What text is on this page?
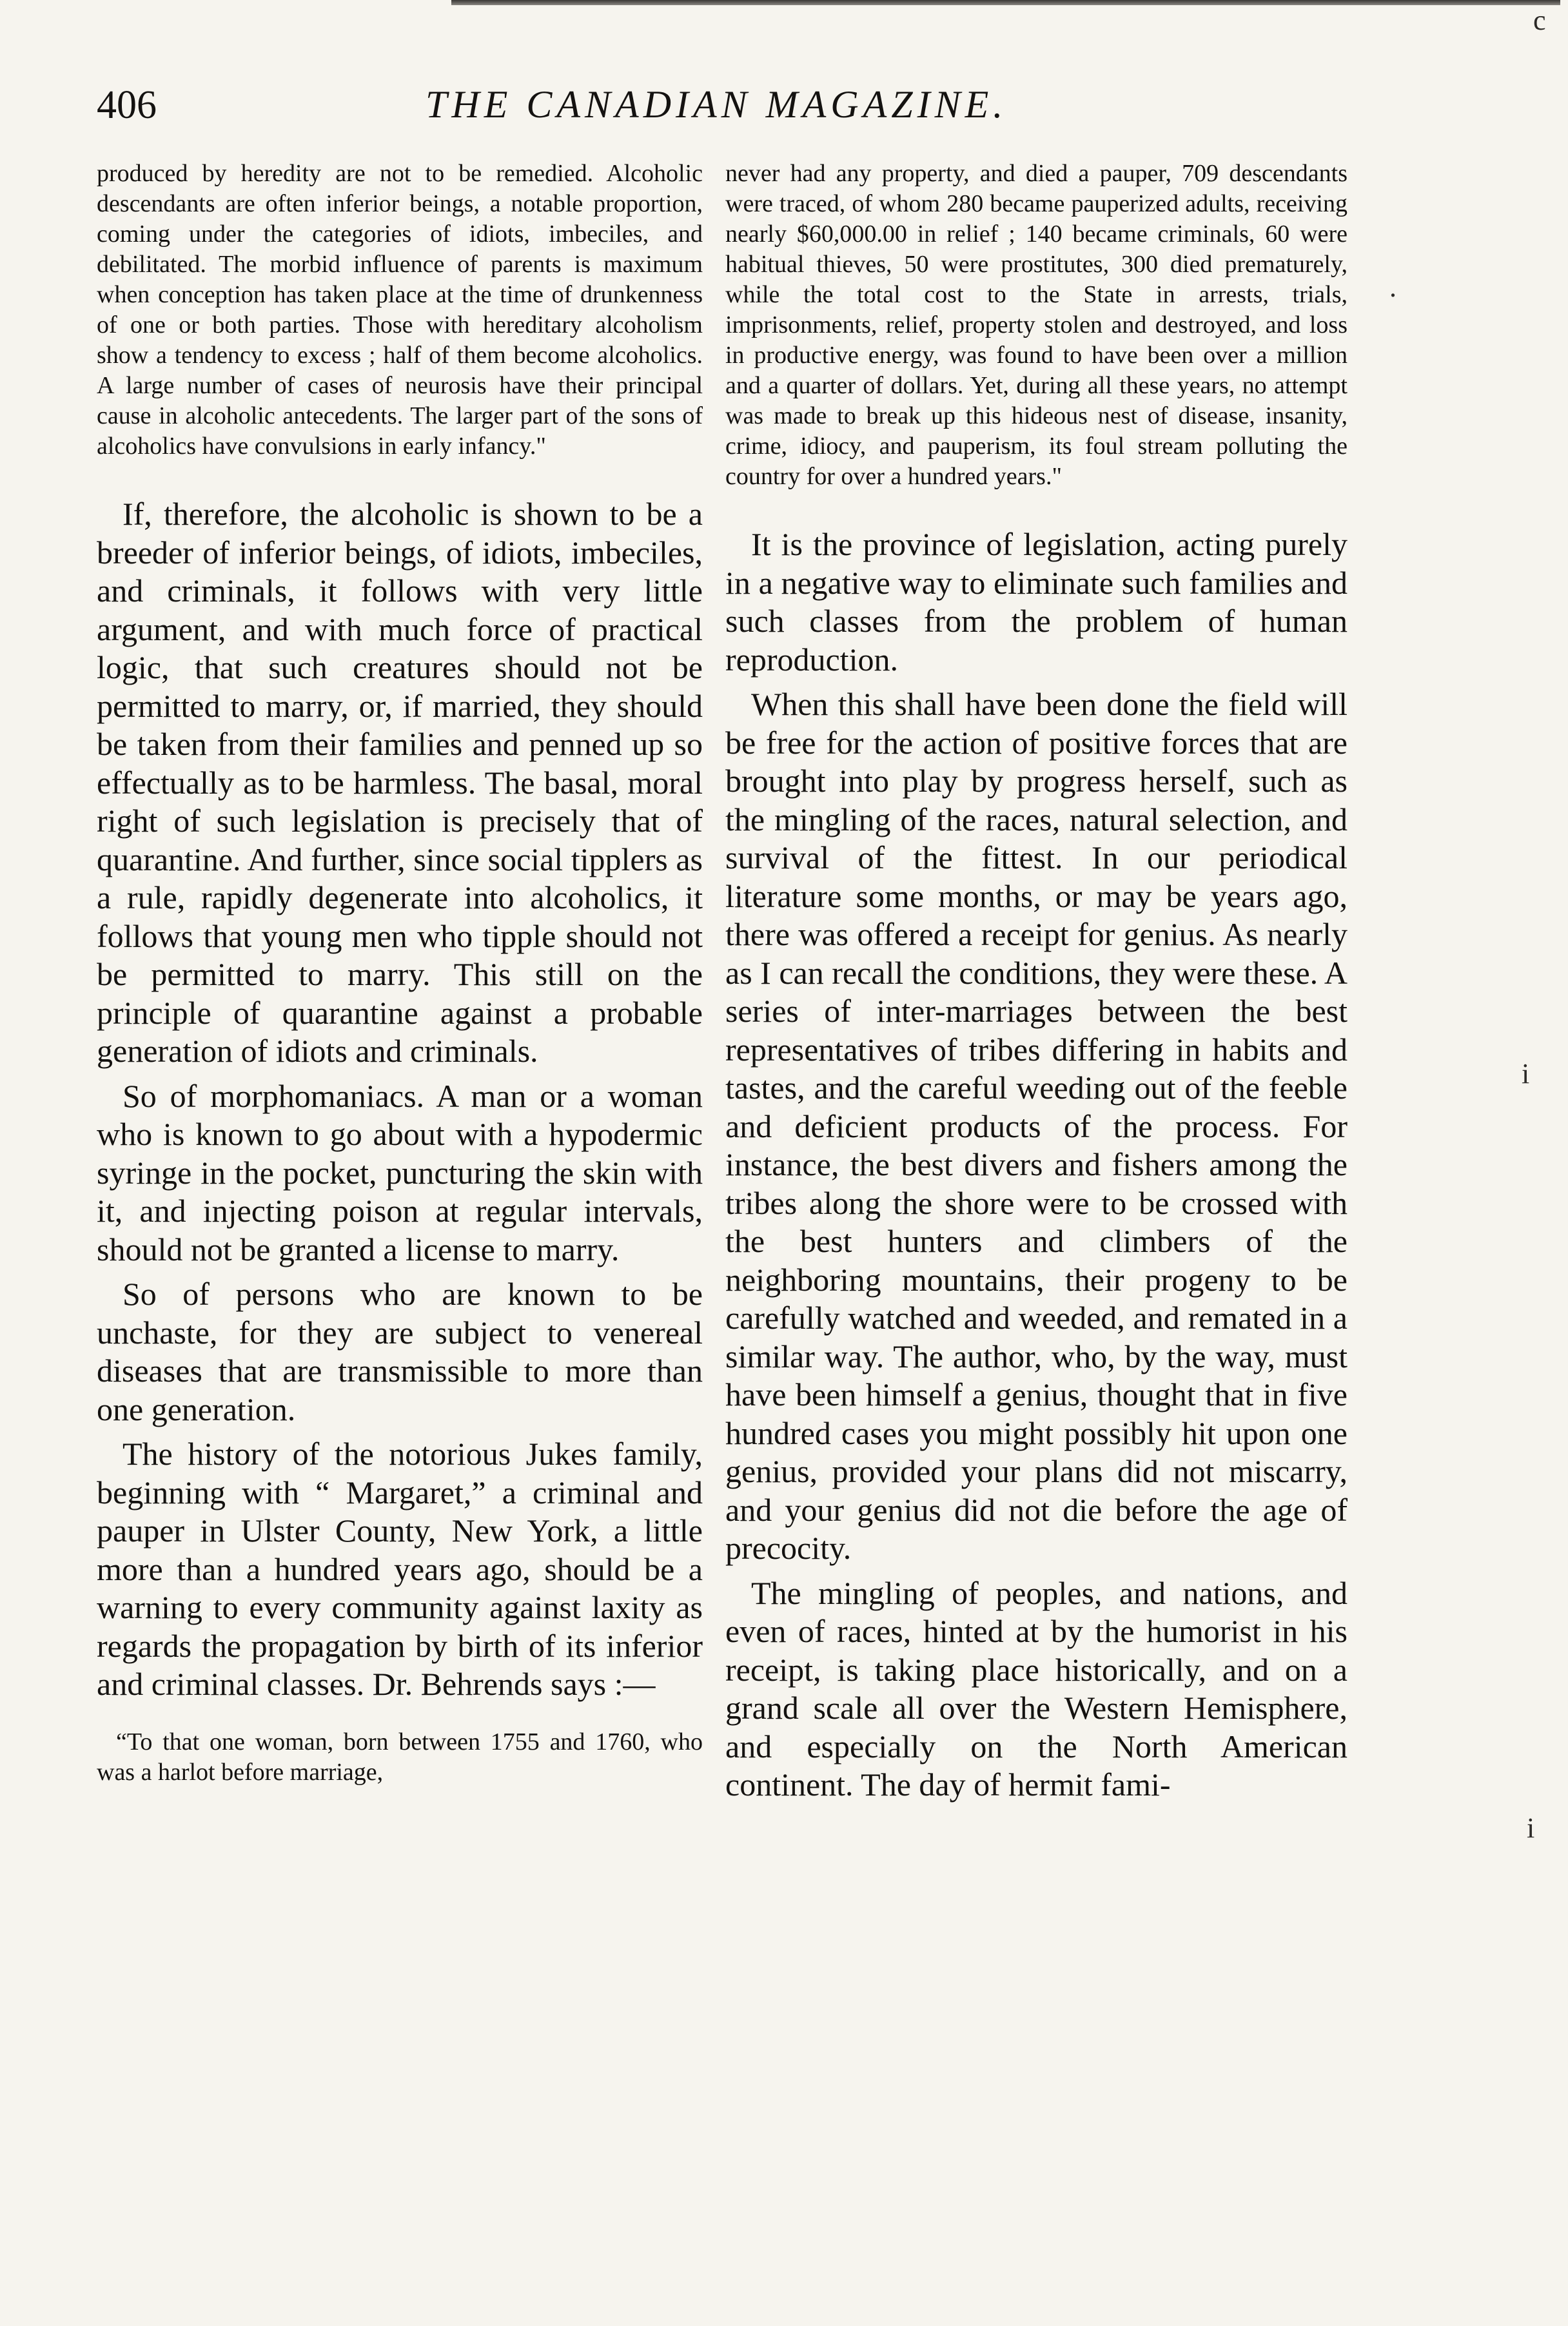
c
.
i
i
406	THE CANADIAN MAGAZINE.

produced by heredity are not to be remedied. Alcoholic descendants are often inferior beings, a notable proportion, coming under the categories of idiots, imbeciles, and debilitated. The morbid influence of parents is maximum when conception has taken place at the time of drunkenness of one or both parties. Those with hereditary alcoholism show a tendency to excess ; half of them become alcoholics. A large number of cases of neurosis have their principal cause in alcoholic antecedents. The larger part of the sons of alcoholics have convulsions in early infancy."

If, therefore, the alcoholic is shown to be a breeder of inferior beings, of idiots, imbeciles, and criminals, it follows with very little argument, and with much force of practical logic, that such creatures should not be permitted to marry, or, if married, they should be taken from their families and penned up so effectually as to be harmless. The basal, moral right of such legislation is precisely that of quarantine. And further, since social tipplers as a rule, rapidly degenerate into alcoholics, it follows that young men who tipple should not be permitted to marry. This still on the principle of quarantine against a probable generation of idiots and criminals.

So of morphomaniacs. A man or a woman who is known to go about with a hypodermic syringe in the pocket, puncturing the skin with it, and injecting poison at regular intervals, should not be granted a license to marry.

So of persons who are known to be unchaste, for they are subject to venereal diseases that are transmissible to more than one generation.

The history of the notorious Jukes family, beginning with “ Margaret,” a criminal and pauper in Ulster County, New York, a little more than a hundred years ago, should be a warning to every community against laxity as regards the propagation by birth of its inferior and criminal classes. Dr. Behrends says :—

“To that one woman, born between 1755 and 1760, who was a harlot before marriage,

never had any property, and died a pauper, 709 descendants were traced, of whom 280 became pauperized adults, receiving nearly $60,000.00 in relief ; 140 became criminals, 60 were habitual thieves, 50 were prostitutes, 300 died prematurely, while the total cost to the State in arrests, trials, imprisonments, relief, property stolen and destroyed, and loss in productive energy, was found to have been over a million and a quarter of dollars. Yet, during all these years, no attempt was made to break up this hideous nest of disease, insanity, crime, idiocy, and pauperism, its foul stream polluting the country for over a hundred years."

It is the province of legislation, acting purely in a negative way to eliminate such families and such classes from the problem of human reproduction.

When this shall have been done the field will be free for the action of positive forces that are brought into play by progress herself, such as the mingling of the races, natural selection, and survival of the fittest. In our periodical literature some months, or may be years ago, there was offered a receipt for genius. As nearly as I can recall the conditions, they were these. A series of inter-marriages between the best representatives of tribes differing in habits and tastes, and the careful weeding out of the feeble and deficient products of the process. For instance, the best divers and fishers among the tribes along the shore were to be crossed with the best hunters and climbers of the neighboring mountains, their progeny to be carefully watched and weeded, and remated in a similar way. The author, who, by the way, must have been himself a genius, thought that in five hundred cases you might possibly hit upon one genius, provided your plans did not miscarry, and your genius did not die before the age of precocity.

The mingling of peoples, and nations, and even of races, hinted at by the humorist in his receipt, is taking place historically, and on a grand scale all over the Western Hemisphere, and especially on the North American continent. The day of hermit fami-
